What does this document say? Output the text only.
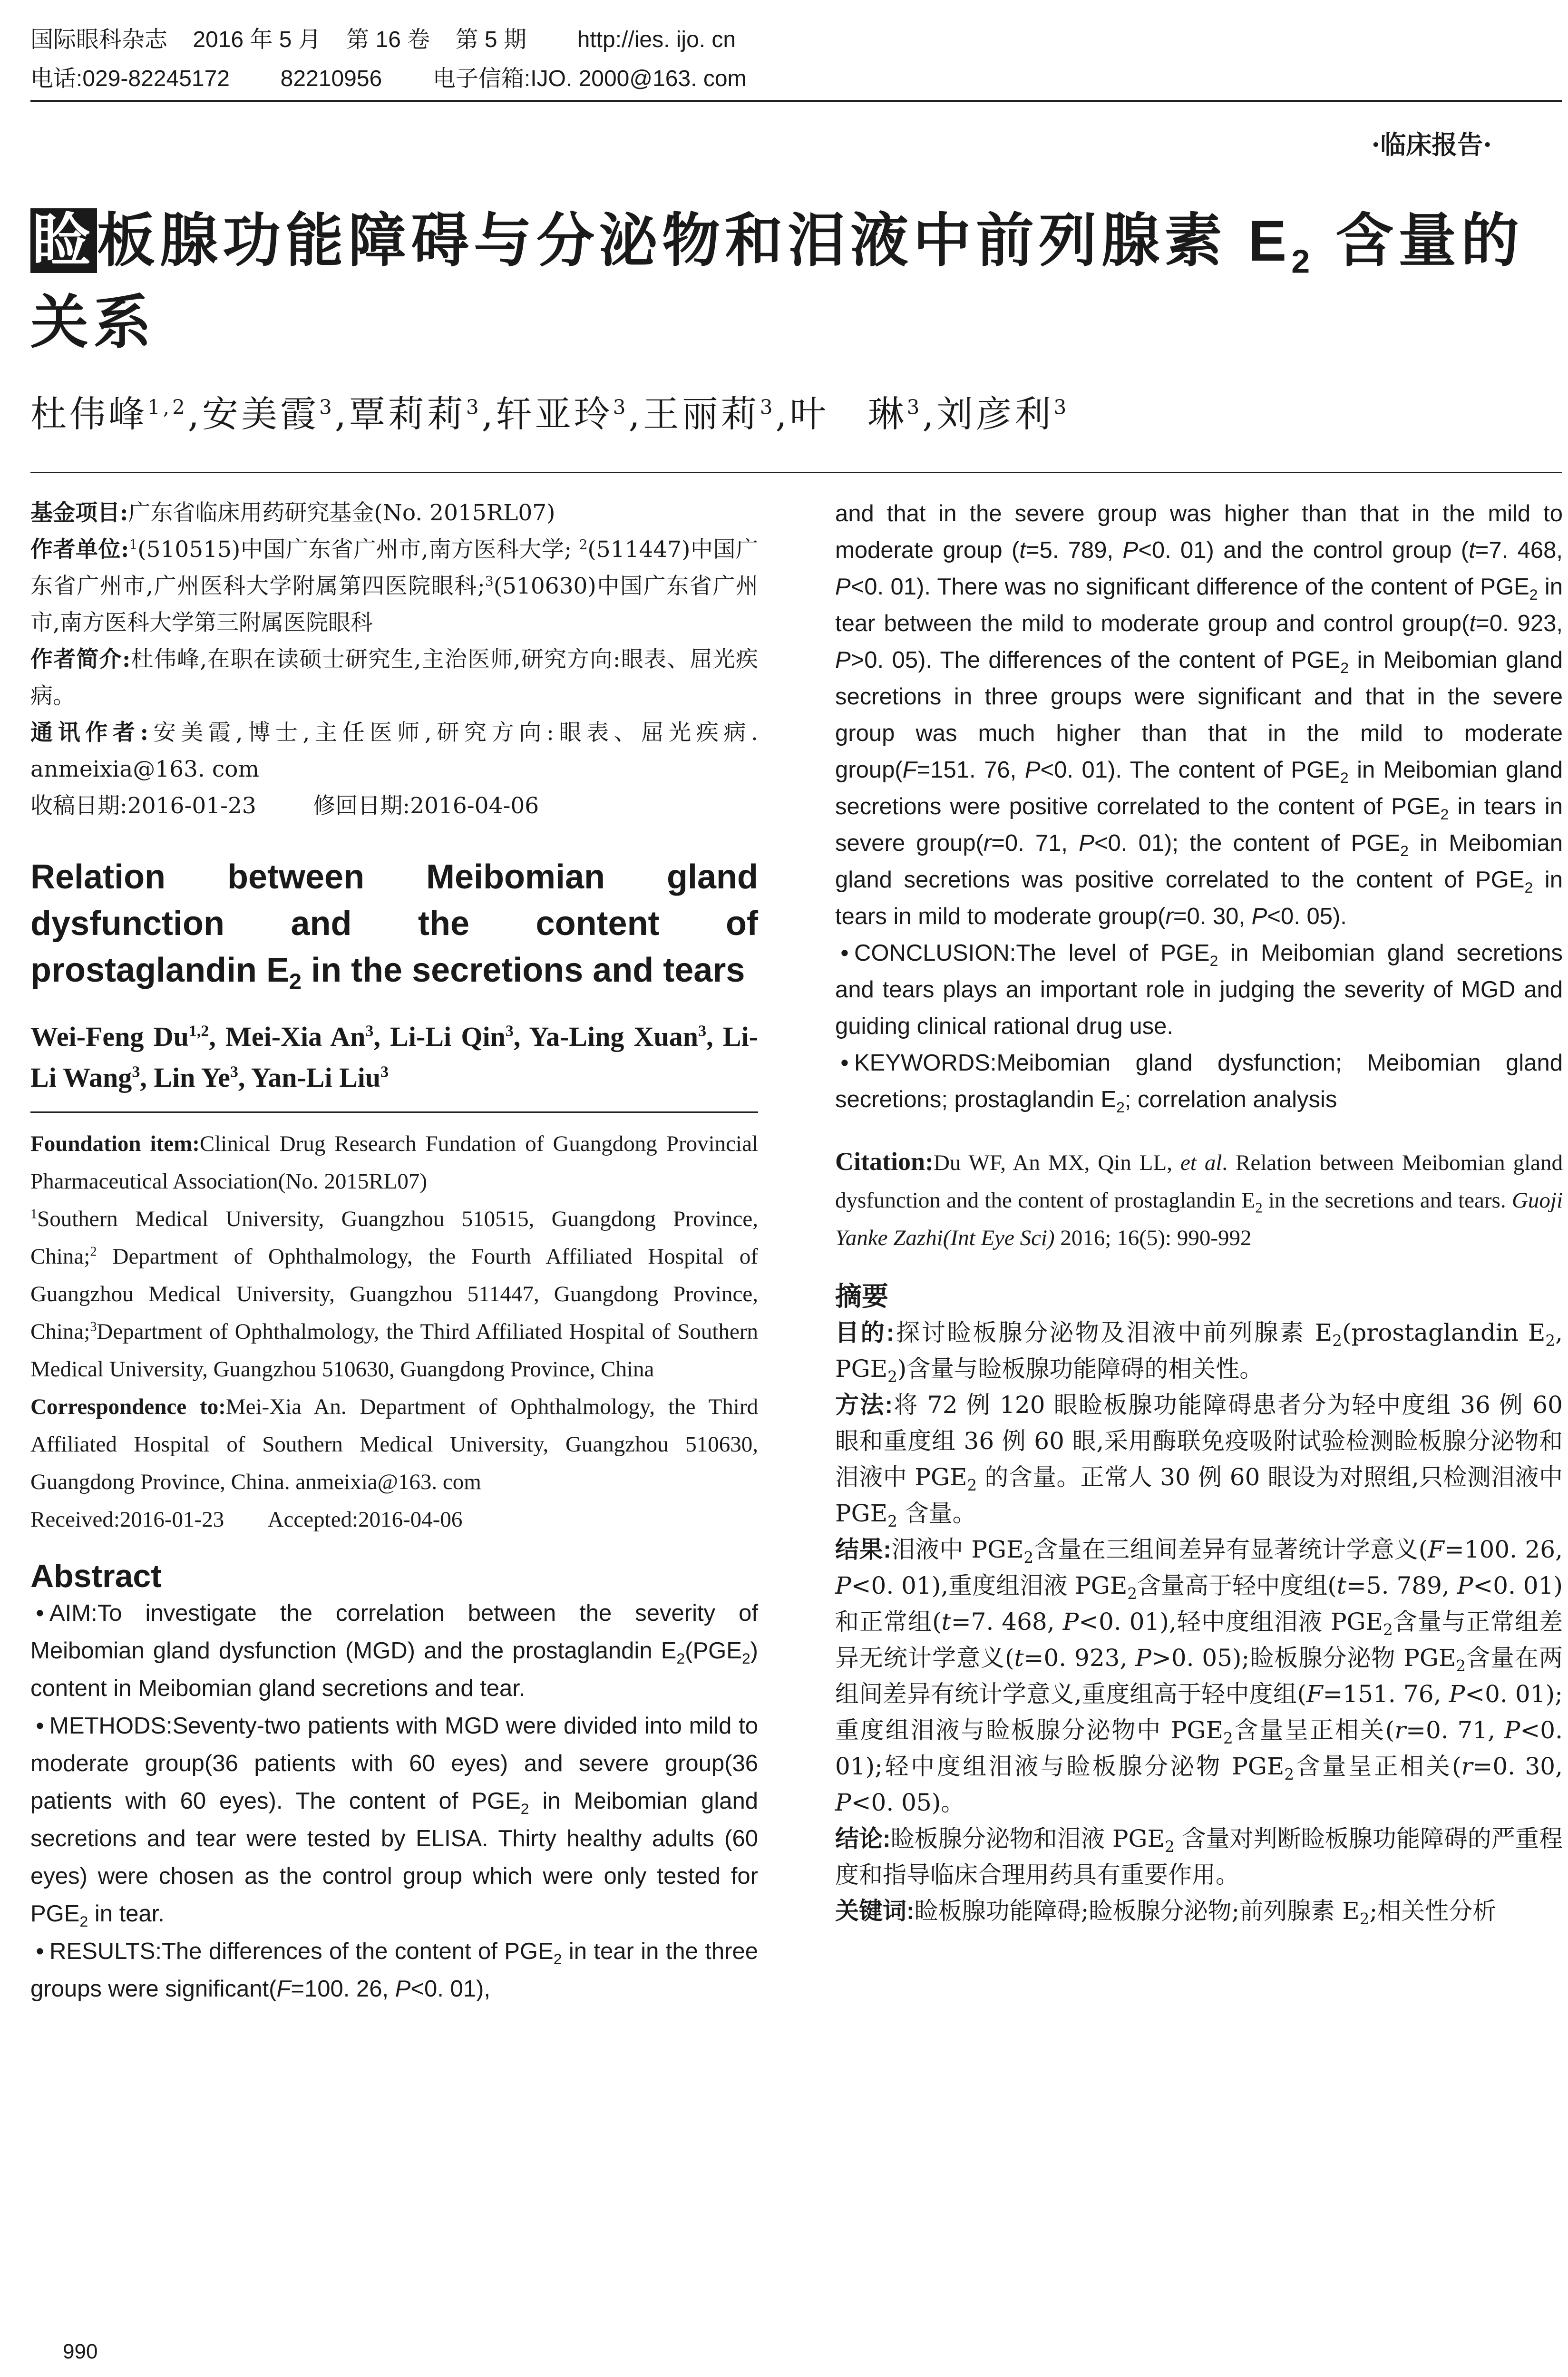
国际眼科杂志    2016 年 5 月    第 16 卷    第 5 期        http://ies. ijo. cn
电话:029-82245172        82210956        电子信箱:IJO. 2000@163. com
·临床报告·
睑板腺功能障碍与分泌物和泪液中前列腺素 $E_2$ 含量的
关系
杜伟峰$^{1,2}$,安美霞$^3$,覃莉莉$^3$,轩亚玲$^3$,王丽莉$^3$,叶　琳$^3$,刘彦利$^3$

基金项目:广东省临床用药研究基金(No. 2015RL07)

作者单位:$^1$(510515)中国广东省广州市,南方医科大学; $^2$(511447)中国广东省广州市,广州医科大学附属第四医院眼科;$^3$(510630)中国广东省广州市,南方医科大学第三附属医院眼科

作者简介:杜伟峰,在职在读硕士研究生,主治医师,研究方向:眼表、屈光疾病。

通讯作者:安美霞,博士,主任医师,研究方向:眼表、屈光疾病. anmeixia@163. com

收稿日期:2016-01-23        修回日期:2016-04-06

Relation between Meibomian gland dysfunction and the content of prostaglandin $E_2$ in the secretions and tears

Wei-Feng Du$^{1,2}$, Mei-Xia An$^3$, Li-Li Qin$^3$, Ya-Ling Xuan$^3$, Li-Li Wang$^3$, Lin Ye$^3$, Yan-Li Liu$^3$

Foundation item:Clinical Drug Research Fundation of Guangdong Provincial Pharmaceutical Association(No. 2015RL07)

$^1$Southern Medical University, Guangzhou 510515, Guangdong Province, China;$^2$ Department of Ophthalmology, the Fourth Affiliated Hospital of Guangzhou Medical University, Guangzhou 511447, Guangdong Province, China;$^3$Department of Ophthalmology, the Third Affiliated Hospital of Southern Medical University, Guangzhou 510630, Guangdong Province, China

Correspondence to:Mei-Xia An. Department of Ophthalmology, the Third Affiliated Hospital of Southern Medical University, Guangzhou 510630, Guangdong Province, China. anmeixia@163. com

Received:2016-01-23        Accepted:2016-04-06

Abstract

• AIM:To investigate the correlation between the severity of Meibomian gland dysfunction (MGD) and the prostaglandin $E_2(PGE_2)$ content in Meibomian gland secretions and tear.

• METHODS:Seventy-two patients with MGD were divided into mild to moderate group(36 patients with 60 eyes) and severe group(36 patients with 60 eyes). The content of $PGE_2$ in Meibomian gland secretions and tear were tested by ELISA. Thirty healthy adults (60 eyes) were chosen as the control group which were only tested for $PGE_2$ in tear.

• RESULTS:The differences of the content of $PGE_2$ in tear in the three groups were significant(F=100. 26, P<0. 01),

and that in the severe group was higher than that in the mild to moderate group (t=5. 789, P<0. 01) and the control group (t=7. 468, P<0. 01). There was no significant difference of the content of $PGE_2$ in tear between the mild to moderate group and control group(t=0. 923, P>0. 05). The differences of the content of $PGE_2$ in Meibomian gland secretions in three groups were significant and that in the severe group was much higher than that in the mild to moderate group(F=151. 76, P<0. 01). The content of $PGE_2$ in Meibomian gland secretions were positive correlated to the content of $PGE_2$ in tears in severe group(r=0. 71, P<0. 01); the content of $PGE_2$ in Meibomian gland secretions was positive correlated to the content of $PGE_2$ in tears in mild to moderate group(r=0. 30, P<0. 05).

• CONCLUSION:The level of $PGE_2$ in Meibomian gland secretions and tears plays an important role in judging the severity of MGD and guiding clinical rational drug use.

• KEYWORDS:Meibomian gland dysfunction; Meibomian gland secretions; prostaglandin $E_2$; correlation analysis

Citation:Du WF, An MX, Qin LL, et al. Relation between Meibomian gland dysfunction and the content of prostaglandin $E_2$ in the secretions and tears. Guoji Yanke Zazhi(Int Eye Sci) 2016; 16(5): 990-992

摘要

目的:探讨睑板腺分泌物及泪液中前列腺素 $E_2(prostaglandin$ $E_2$, $PGE_2$)含量与睑板腺功能障碍的相关性。

方法:将 72 例 120 眼睑板腺功能障碍患者分为轻中度组 36 例 60 眼和重度组 36 例 60 眼,采用酶联免疫吸附试验检测睑板腺分泌物和泪液中 $PGE_2$ 的含量。正常人 30 例 60 眼设为对照组,只检测泪液中 $PGE_2$ 含量。

结果:泪液中 $PGE_2$含量在三组间差异有显著统计学意义(F=100. 26, P<0. 01),重度组泪液 $PGE_2$含量高于轻中度组(t=5. 789, P<0. 01)和正常组(t=7. 468, P<0. 01),轻中度组泪液 $PGE_2$含量与正常组差异无统计学意义(t=0. 923, P>0. 05);睑板腺分泌物 $PGE_2$含量在两组间差异有统计学意义,重度组高于轻中度组(F=151. 76, P<0. 01);重度组泪液与睑板腺分泌物中 $PGE_2$含量呈正相关(r=0. 71, P<0. 01);轻中度组泪液与睑板腺分泌物 $PGE_2$含量呈正相关(r=0. 30, P<0. 05)。

结论:睑板腺分泌物和泪液 $PGE_2$ 含量对判断睑板腺功能障碍的严重程度和指导临床合理用药具有重要作用。

关键词:睑板腺功能障碍;睑板腺分泌物;前列腺素 $E_2$;相关性分析

990
